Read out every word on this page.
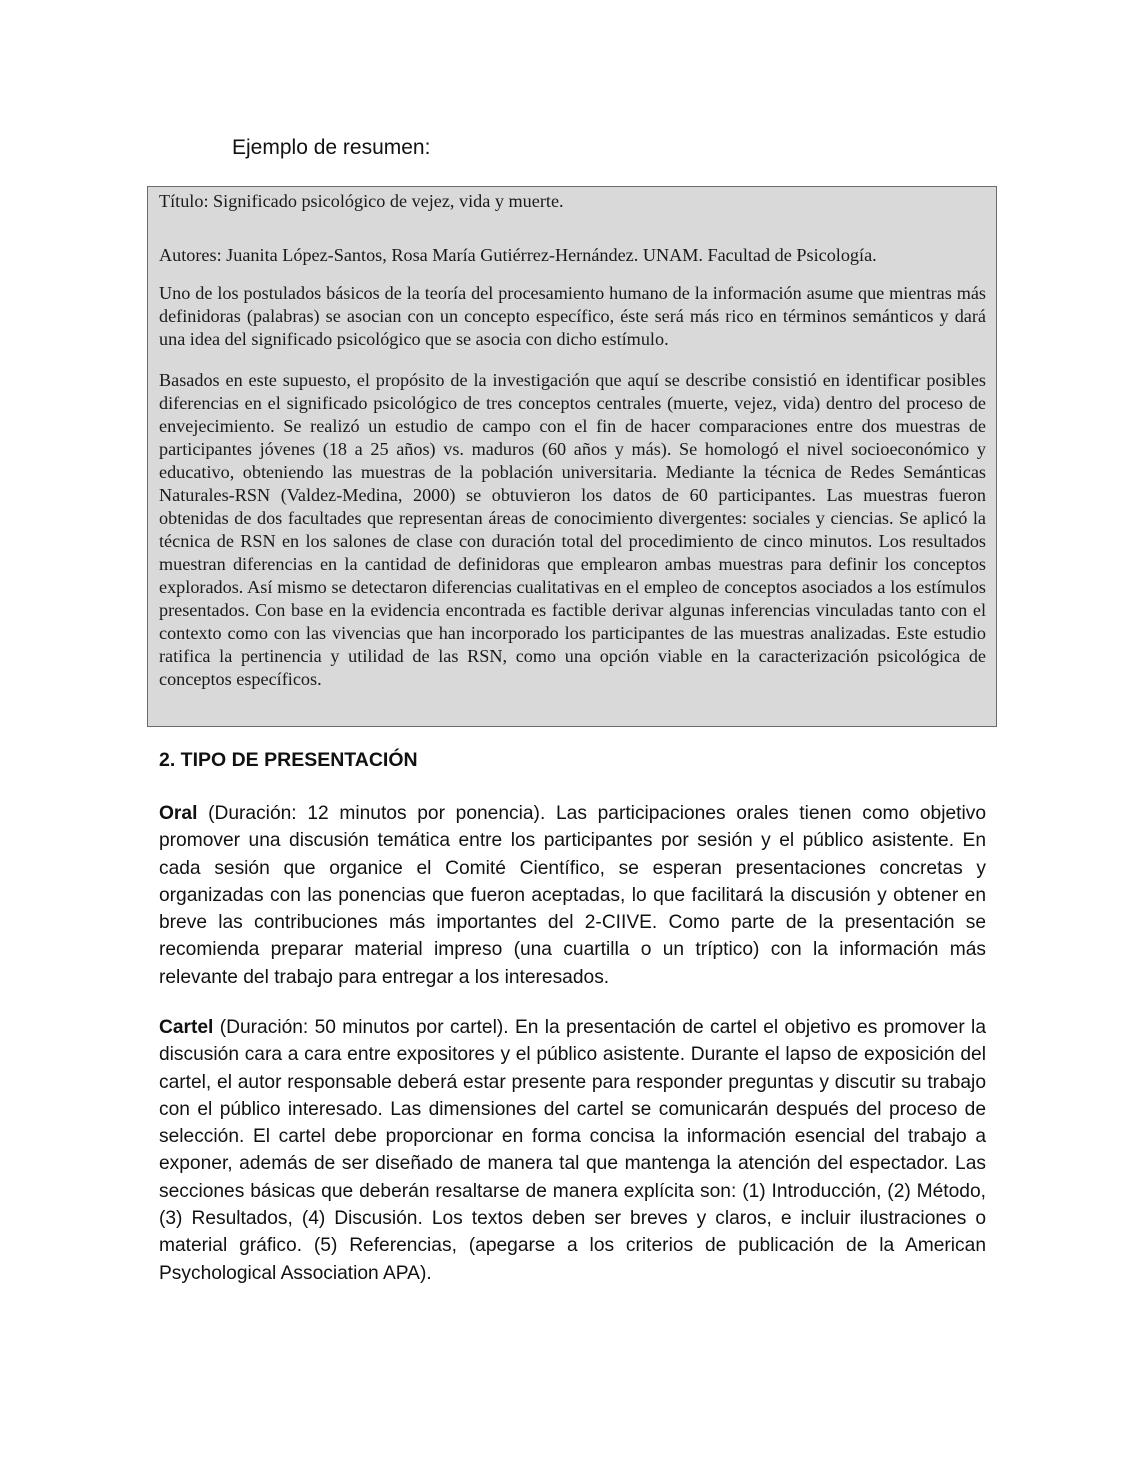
Ejemplo de resumen:

Título: Significado psicológico de vejez, vida y muerte.

Autores: Juanita López-Santos, Rosa María Gutiérrez-Hernández. UNAM. Facultad de Psicología.

Uno de los postulados básicos de la teoría del procesamiento humano de la información asume que mientras más definidoras (palabras) se asocian con un concepto específico, éste será más rico en términos semánticos y dará una idea del significado psicológico que se asocia con dicho estímulo.

Basados en este supuesto, el propósito de la investigación que aquí se describe consistió en identificar posibles diferencias en el significado psicológico de tres conceptos centrales (muerte, vejez, vida) dentro del proceso de envejecimiento. Se realizó un estudio de campo con el fin de hacer comparaciones entre dos muestras de participantes jóvenes (18 a 25 años) vs. maduros (60 años y más). Se homologó el nivel socioeconómico y educativo, obteniendo las muestras de la población universitaria. Mediante la técnica de Redes Semánticas Naturales-RSN (Valdez-Medina, 2000) se obtuvieron los datos de 60 participantes. Las muestras fueron obtenidas de dos facultades que representan áreas de conocimiento divergentes: sociales y ciencias. Se aplicó la técnica de RSN en los salones de clase con duración total del procedimiento de cinco minutos. Los resultados muestran diferencias en la cantidad de definidoras que emplearon ambas muestras para definir los conceptos explorados. Así mismo se detectaron diferencias cualitativas en el empleo de conceptos asociados a los estímulos presentados. Con base en la evidencia encontrada es factible derivar algunas inferencias vinculadas tanto con el contexto como con las vivencias que han incorporado los participantes de las muestras analizadas. Este estudio ratifica la pertinencia y utilidad de las RSN, como una opción viable en la caracterización psicológica de conceptos específicos.

2. TIPO DE PRESENTACIÓN

Oral (Duración: 12 minutos por ponencia). Las participaciones orales tienen como objetivo promover una discusión temática entre los participantes por sesión y el público asistente. En cada sesión que organice el Comité Científico, se esperan presentaciones concretas y organizadas con las ponencias que fueron aceptadas, lo que facilitará la discusión y obtener en breve las contribuciones más importantes del 2-CIIVE. Como parte de la presentación se recomienda preparar material impreso (una cuartilla o un tríptico) con la información más relevante del trabajo para entregar a los interesados.

Cartel (Duración: 50 minutos por cartel). En la presentación de cartel el objetivo es promover la discusión cara a cara entre expositores y el público asistente. Durante el lapso de exposición del cartel, el autor responsable deberá estar presente para responder preguntas y discutir su trabajo con el público interesado. Las dimensiones del cartel se comunicarán después del proceso de selección. El cartel debe proporcionar en forma concisa la información esencial del trabajo a exponer, además de ser diseñado de manera tal que mantenga la atención del espectador. Las secciones básicas que deberán resaltarse de manera explícita son: (1) Introducción, (2) Método, (3) Resultados, (4) Discusión. Los textos deben ser breves y claros, e incluir ilustraciones o material gráfico. (5) Referencias, (apegarse a los criterios de publicación de la American Psychological Association APA).
